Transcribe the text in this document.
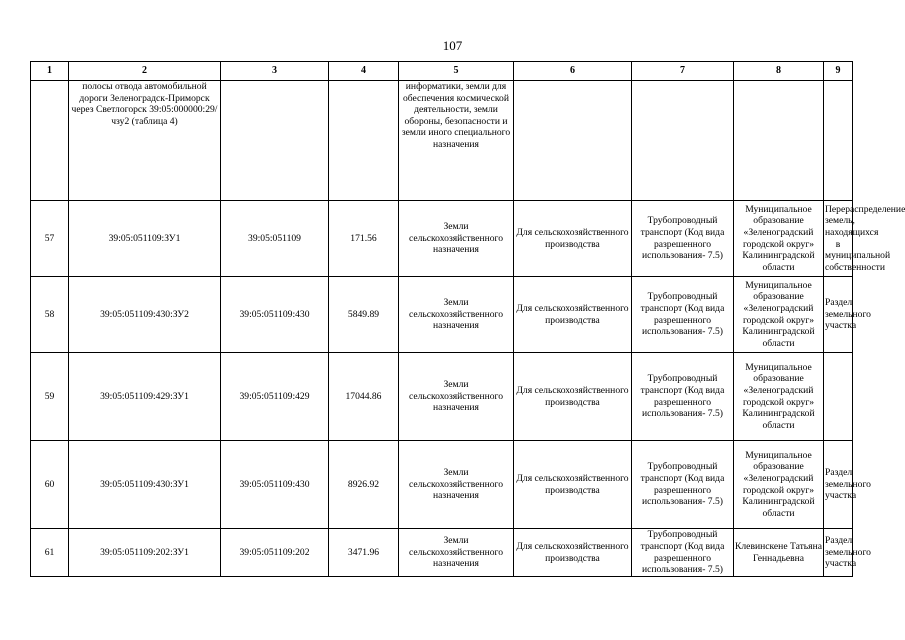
107
1	2	3	4	5	6	7	8	9
	полосы отвода автомобильной дороги Зеленоградск-Приморск через Светлогорск 39:05:000000:29/чзу2 (таблица 4)			информатики, земли для обеспечения космической деятельности, земли обороны, безопасности и земли иного специального назначения				
57	39:05:051109:ЗУ1	39:05:051109	171.56	Земли сельскохозяйственного назначения	Для сельскохозяйственного производства	Трубопроводный транспорт (Код вида разрешенного использования- 7.5)	Муниципальное образование «Зеленоградский городской округ» Калининградской области	Перераспределение земель, находящихся в муниципальной собственности
58	39:05:051109:430:ЗУ2	39:05:051109:430	5849.89	Земли сельскохозяйственного назначения	Для сельскохозяйственного производства	Трубопроводный транспорт (Код вида разрешенного использования- 7.5)	Муниципальное образование «Зеленоградский городской округ» Калининградской области	Раздел земельного участка
59	39:05:051109:429:ЗУ1	39:05:051109:429	17044.86	Земли сельскохозяйственного назначения	Для сельскохозяйственного производства	Трубопроводный транспорт (Код вида разрешенного использования- 7.5)	Муниципальное образование «Зеленоградский городской округ» Калининградской области	
60	39:05:051109:430:ЗУ1	39:05:051109:430	8926.92	Земли сельскохозяйственного назначения	Для сельскохозяйственного производства	Трубопроводный транспорт (Код вида разрешенного использования- 7.5)	Муниципальное образование «Зеленоградский городской округ» Калининградской области	Раздел земельного участка
61	39:05:051109:202:ЗУ1	39:05:051109:202	3471.96	Земли сельскохозяйственного назначения	Для сельскохозяйственного производства	Трубопроводный транспорт (Код вида разрешенного использования- 7.5)	Клевинскене Татьяна Геннадьевна	Раздел земельного участка
